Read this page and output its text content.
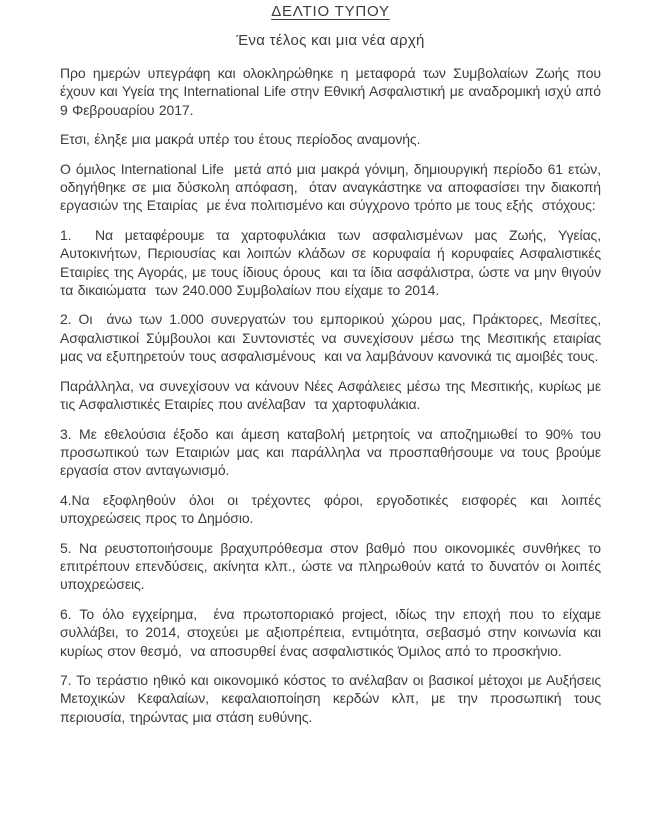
ΔΕΛΤΙΟ ΤΥΠΟΥ
Ένα τέλος και μια νέα αρχή

Προ ημερών υπεγράφη και ολοκληρώθηκε η μεταφορά των Συμβολαίων Ζωής που έχουν και Υγεία της International Life στην Εθνική Ασφαλιστική με αναδρομική ισχύ από 9 Φεβρουαρίου 2017.

Ετσι, έληξε μια μακρά υπέρ του έτους περίοδος αναμονής.

Ο όμιλος International Life  μετά από μια μακρά γόνιμη, δημιουργική περίοδο 61 ετών,  οδηγήθηκε σε μια δύσκολη απόφαση,  όταν αναγκάστηκε να αποφασίσει την διακοπή εργασιών της Εταιρίας  με ένα πολιτισμένο και σύγχρονο τρόπο με τους εξής  στόχους:

1.  Να μεταφέρουμε τα χαρτοφυλάκια των ασφαλισμένων μας Ζωής, Υγείας, Αυτοκινήτων, Περιουσίας και λοιπών κλάδων σε κορυφαία ή κορυφαίες Ασφαλιστικές Εταιρίες της Αγοράς, με τους ίδιους όρους  και τα ίδια ασφάλιστρα, ώστε να μην θιγούν τα δικαιώματα  των 240.000 Συμβολαίων που είχαμε το 2014.

2. Οι  άνω των 1.000 συνεργατών του εμπορικού χώρου μας, Πράκτορες, Μεσίτες,  Ασφαλιστικοί Σύμβουλοι και Συντονιστές να συνεχίσουν μέσω της Μεσιτικής εταιρίας μας να εξυπηρετούν τους ασφαλισμένους  και να λαμβάνουν κανονικά τις αμοιβές τους.

Παράλληλα, να συνεχίσουν να κάνουν Νέες Ασφάλειες μέσω της Μεσιτικής, κυρίως με  τις Ασφαλιστικές Εταιρίες που ανέλαβαν  τα χαρτοφυλάκια.

3. Με εθελούσια έξοδο και άμεση καταβολή μετρητοίς να αποζημιωθεί το 90% του προσωπικού των Εταιριών μας και παράλληλα να προσπαθήσουμε να τους βρούμε εργασία στον ανταγωνισμό.

4.Να εξοφληθούν όλοι οι τρέχοντες φόροι, εργοδοτικές εισφορές και λοιπές υποχρεώσεις προς το Δημόσιο.

5. Να ρευστοποιήσουμε βραχυπρόθεσμα στον βαθμό που οικονομικές συνθήκες το επιτρέπουν επενδύσεις, ακίνητα κλπ., ώστε να πληρωθούν κατά το δυνατόν οι λοιπές υποχρεώσεις.

6. Το όλο εγχείρημα,  ένα πρωτοποριακό project, ιδίως την εποχή που το είχαμε συλλάβει, το 2014, στοχεύει με αξιοπρέπεια, εντιμότητα, σεβασμό στην κοινωνία και κυρίως στον θεσμό,  να αποσυρθεί ένας ασφαλιστικός Όμιλος από το προσκήνιο.

7. Το τεράστιο ηθικό και οικονομικό κόστος το ανέλαβαν οι βασικοί μέτοχοι με Αυξήσεις Μετοχικών Κεφαλαίων, κεφαλαιοποίηση κερδών κλπ, με την προσωπική τους περιουσία, τηρώντας μια στάση ευθύνης.
